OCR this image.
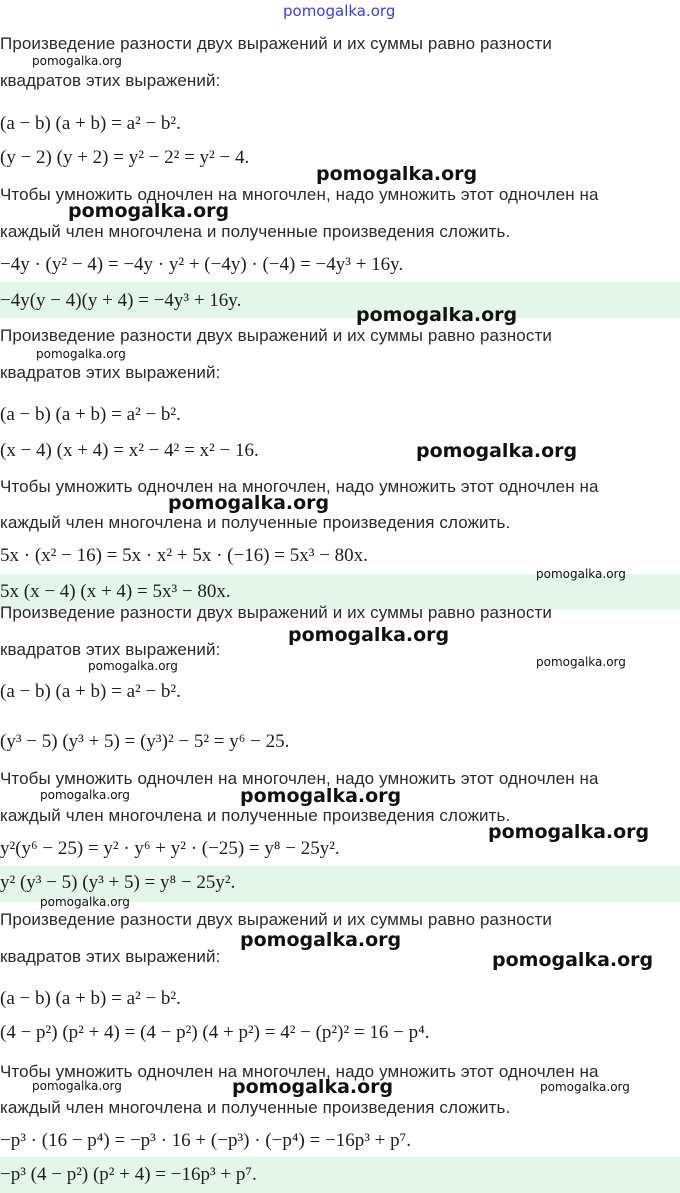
pomogalka.org
Произведение разности двух выражений и их суммы равно разности
квадратов этих выражений:
(a − b) (a + b) = a² − b².
(y − 2) (y + 2) = y² − 2² = y² − 4.
Чтобы умножить одночлен на многочлен, надо умножить этот одночлен на
каждый член многочлена и полученные произведения сложить.
−4y · (y² − 4) = −4y · y² + (−4y) · (−4) = −4y³ + 16y.
−4y(y − 4)(y + 4) = −4y³ + 16y.
Произведение разности двух выражений и их суммы равно разности
квадратов этих выражений:
(a − b) (a + b) = a² − b².
(x − 4) (x + 4) = x² − 4² = x² − 16.
Чтобы умножить одночлен на многочлен, надо умножить этот одночлен на
каждый член многочлена и полученные произведения сложить.
5x · (x² − 16) = 5x · x² + 5x · (−16) = 5x³ − 80x.
5x (x − 4) (x + 4) = 5x³ − 80x.
Произведение разности двух выражений и их суммы равно разности
квадратов этих выражений:
(a − b) (a + b) = a² − b².
(y³ − 5) (y³ + 5) = (y³)² − 5² = y⁶ − 25.
Чтобы умножить одночлен на многочлен, надо умножить этот одночлен на
каждый член многочлена и полученные произведения сложить.
y²(y⁶ − 25) = y² · y⁶ + y² · (−25) = y⁸ − 25y².
y² (y³ − 5) (y³ + 5) = y⁸ − 25y².
Произведение разности двух выражений и их суммы равно разности
квадратов этих выражений:
(a − b) (a + b) = a² − b².
(4 − p²) (p² + 4) = (4 − p²) (4 + p²) = 4² − (p²)² = 16 − p⁴.
Чтобы умножить одночлен на многочлен, надо умножить этот одночлен на
каждый член многочлена и полученные произведения сложить.
−p³ · (16 − p⁴) = −p³ · 16 + (−p³) · (−p⁴) = −16p³ + p⁷.
−p³ (4 − p²) (p² + 4) = −16p³ + p⁷.
pomogalka.org
pomogalka.org
pomogalka.org
pomogalka.org
pomogalka.org
pomogalka.org
pomogalka.org
pomogalka.org
pomogalka.org
pomogalka.org	pomogalka.org
pomogalka.org	pomogalka.org
pomogalka.org
pomogalka.org
pomogalka.org
pomogalka.org
pomogalka.org	pomogalka.org	pomogalka.org
